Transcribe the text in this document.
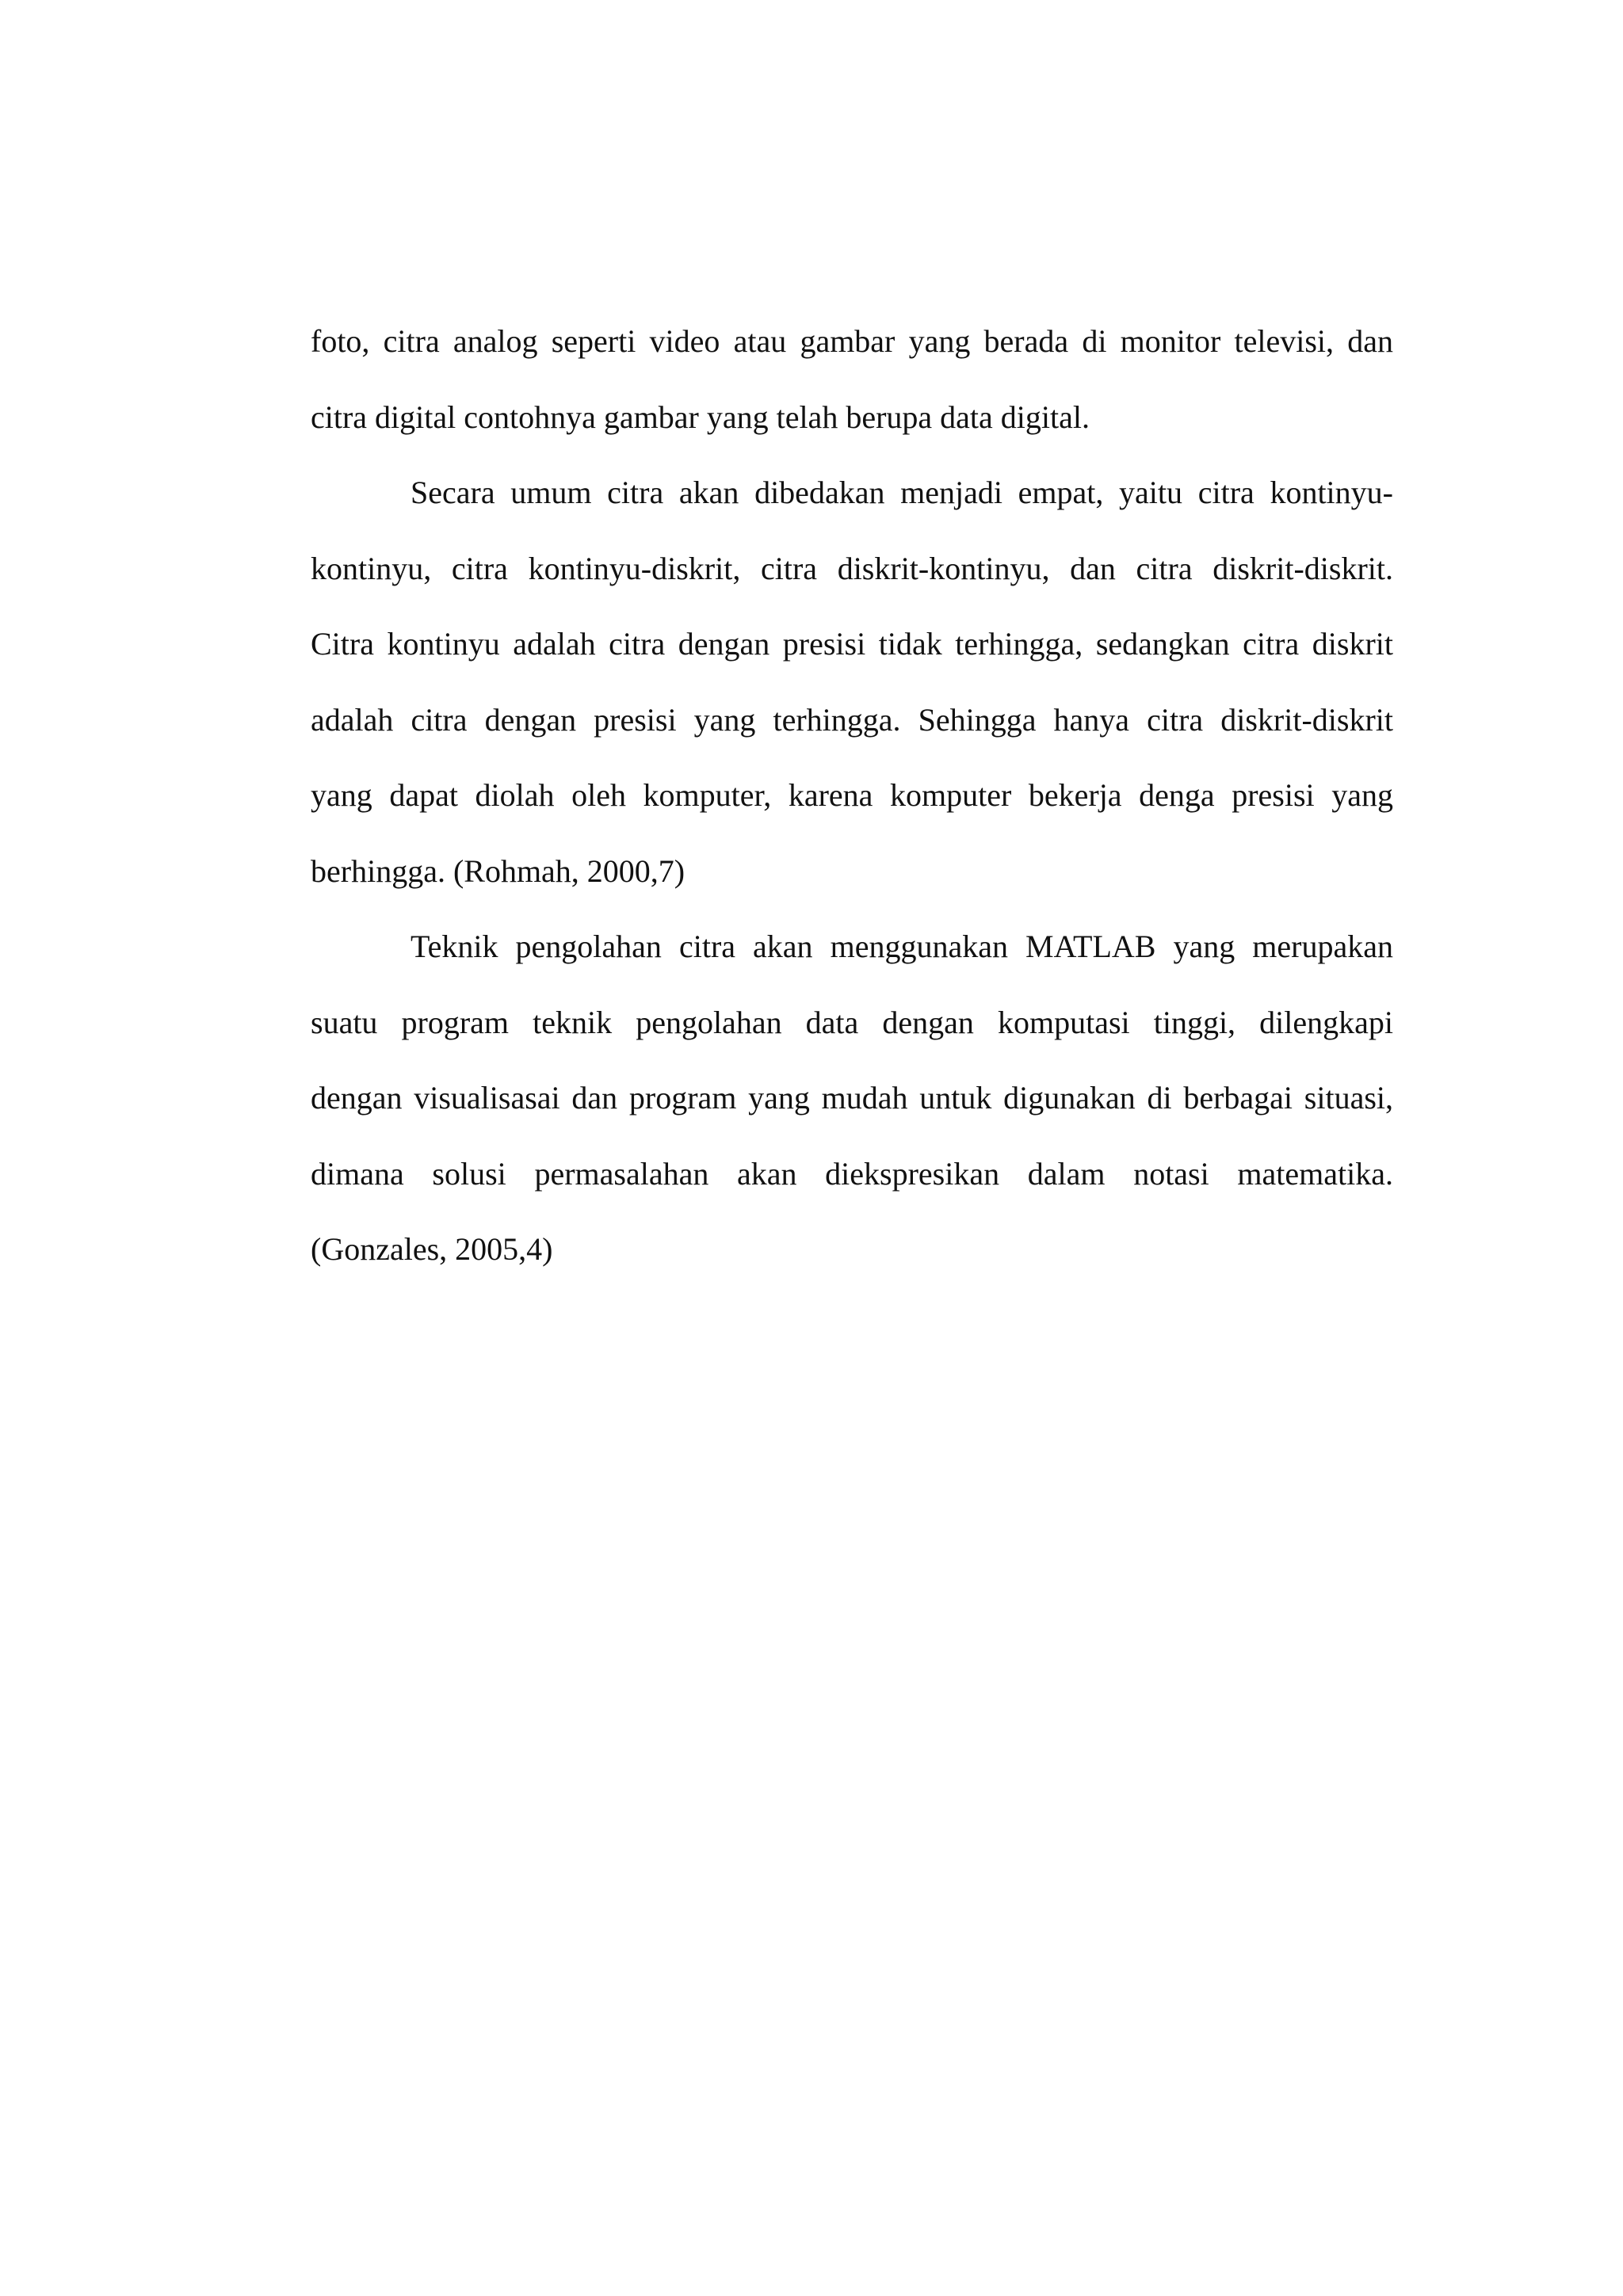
foto, citra analog seperti video atau gambar yang berada di monitor televisi, dan
citra digital contohnya gambar yang telah berupa data digital.

Secara umum citra akan dibedakan menjadi empat, yaitu citra kontinyu-
kontinyu, citra kontinyu-diskrit, citra diskrit-kontinyu, dan citra diskrit-diskrit.
Citra kontinyu adalah citra dengan presisi tidak terhingga, sedangkan citra diskrit
adalah citra dengan presisi yang terhingga. Sehingga hanya citra diskrit-diskrit
yang dapat diolah oleh komputer, karena komputer bekerja denga presisi yang
berhingga. (Rohmah, 2000,7)

Teknik pengolahan citra akan menggunakan MATLAB yang merupakan
suatu program teknik pengolahan data dengan komputasi tinggi, dilengkapi
dengan visualisasai dan program yang mudah untuk digunakan di berbagai situasi,
dimana solusi permasalahan akan diekspresikan dalam notasi matematika.
(Gonzales, 2005,4)
